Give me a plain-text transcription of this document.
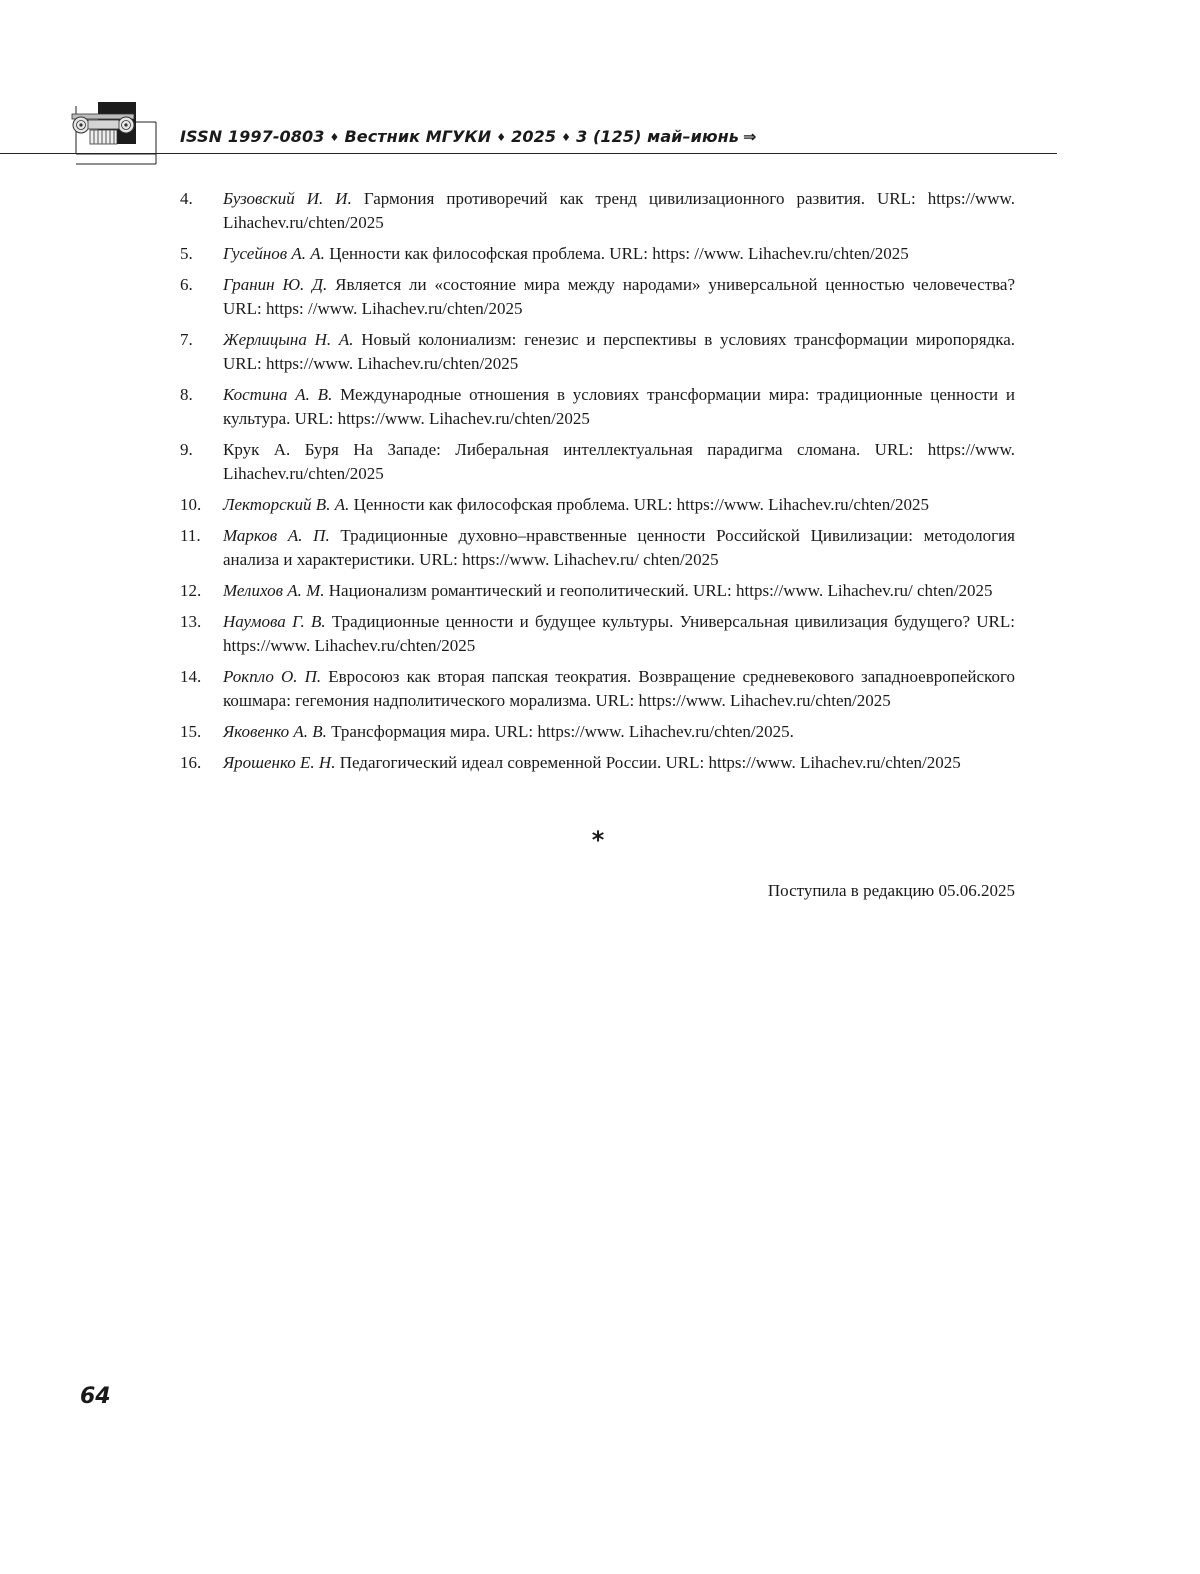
ISSN 1997-0803 ♦ Вестник МГУКИ ♦ 2025 ♦ 3 (125) май–июнь ⇒
4.	Бузовский И. И. Гармония противоречий как тренд цивилизационного развития. URL: https://www. Lihachev.ru/chten/2025
5.	Гусейнов А. А. Ценности как философская проблема. URL: https: //www. Lihachev.ru/chten/2025
6.	Гранин Ю. Д. Является ли «состояние мира между народами» универсальной ценностью человечества? URL: https: //www. Lihachev.ru/chten/2025
7.	Жерлицына Н. А. Новый колониализм: генезис и перспективы в условиях трансформации миропорядка. URL: https://www. Lihachev.ru/chten/2025
8.	Костина А. В. Международные отношения в условиях трансформации мира: традиционные ценности и культура. URL: https://www. Lihachev.ru/chten/2025
9.	Крук А. Буря На Западе: Либеральная интеллектуальная парадигма сломана. URL: https://www. Lihachev.ru/chten/2025
10.	Лекторский В. А. Ценности как философская проблема. URL: https://www. Lihachev.ru/chten/2025
11.	Марков А. П. Традиционные духовно–нравственные ценности Российской Цивилизации: методология анализа и характеристики. URL: https://www. Lihachev.ru/ chten/2025
12.	Мелихов А. М. Национализм романтический и геополитический. URL: https://www. Lihachev.ru/ chten/2025
13.	Наумова Г. В. Традиционные ценности и будущее культуры. Универсальная цивилизация будущего? URL: https://www. Lihachev.ru/chten/2025
14.	Рокпло О. П. Евросоюз как вторая папская теократия. Возвращение средневекового западноевропейского кошмара: гегемония надполитического морализма. URL: https://www. Lihachev.ru/chten/2025
15.	Яковенко А. В. Трансформация мира. URL: https://www. Lihachev.ru/chten/2025.
16.	Ярошенко Е. Н. Педагогический идеал современной России. URL: https://www. Lihachev.ru/chten/2025
*
Поступила в редакцию 05.06.2025
64
